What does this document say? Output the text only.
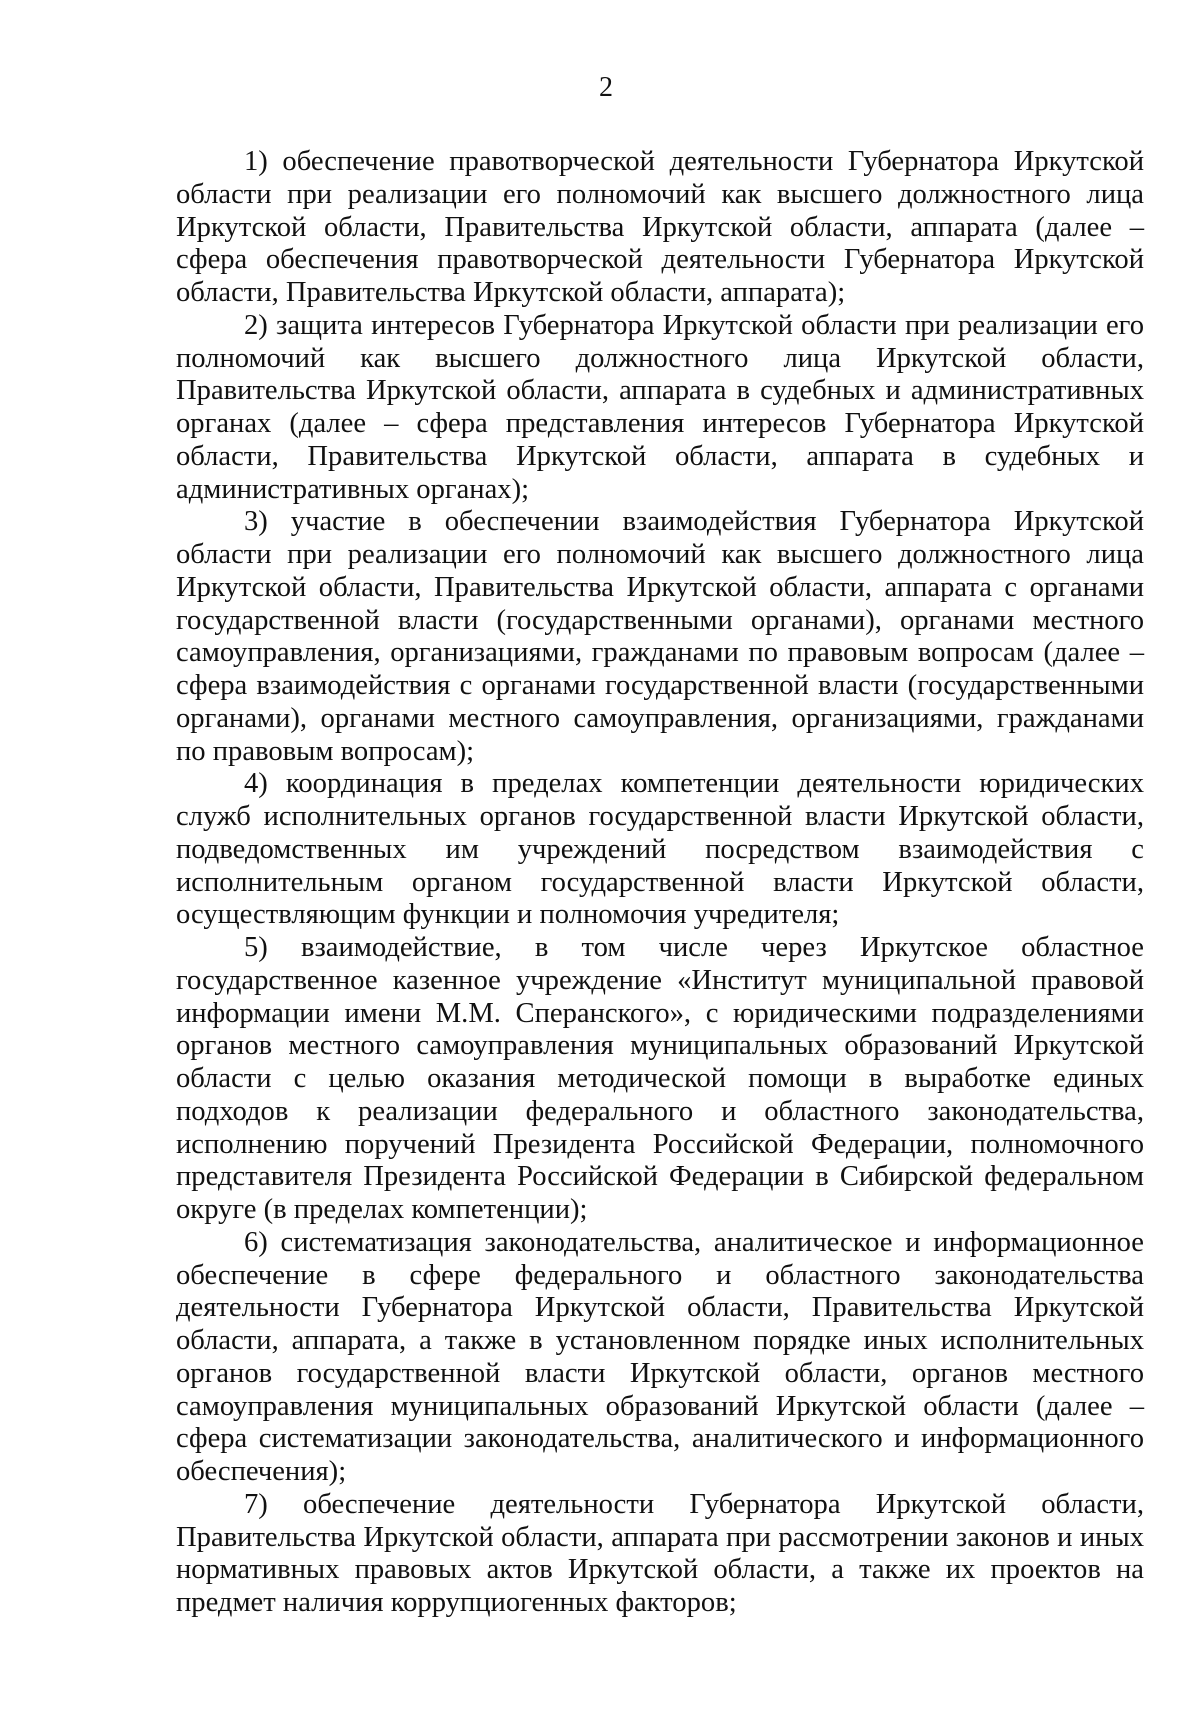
2

1) обеспечение правотворческой деятельности Губернатора Иркутской области при реализации его полномочий как высшего должностного лица Иркутской области, Правительства Иркутской области, аппарата (далее – сфера обеспечения правотворческой деятельности Губернатора Иркутской области, Правительства Иркутской области, аппарата);

2) защита интересов Губернатора Иркутской области при реализации его полномочий как высшего должностного лица Иркутской области, Правительства Иркутской области, аппарата в судебных и административных органах (далее – сфера представления интересов Губернатора Иркутской области, Правительства Иркутской области, аппарата в судебных и административных органах);

3) участие в обеспечении взаимодействия Губернатора Иркутской области при реализации его полномочий как высшего должностного лица Иркутской области, Правительства Иркутской области, аппарата с органами государственной власти (государственными органами), органами местного самоуправления, организациями, гражданами по правовым вопросам (далее – сфера взаимодействия с органами государственной власти (государственными органами), органами местного самоуправления, организациями, гражданами по правовым вопросам);

4) координация в пределах компетенции деятельности юридических служб исполнительных органов государственной власти Иркутской области, подведомственных им учреждений посредством взаимодействия с исполнительным органом государственной власти Иркутской области, осуществляющим функции и полномочия учредителя;

5) взаимодействие, в том числе через Иркутское областное государственное казенное учреждение «Институт муниципальной правовой информации имени М.М. Сперанского», с юридическими подразделениями органов местного самоуправления муниципальных образований Иркутской области с целью оказания методической помощи в выработке единых подходов к реализации федерального и областного законодательства, исполнению поручений Президента Российской Федерации, полномочного представителя Президента Российской Федерации в Сибирской федеральном округе (в пределах компетенции);

6) систематизация законодательства, аналитическое и информационное обеспечение в сфере федерального и областного законодательства деятельности Губернатора Иркутской области, Правительства Иркутской области, аппарата, а также в установленном порядке иных исполнительных органов государственной власти Иркутской области, органов местного самоуправления муниципальных образований Иркутской области (далее – сфера систематизации законодательства, аналитического и информационного обеспечения);

7) обеспечение деятельности Губернатора Иркутской области, Правительства Иркутской области, аппарата при рассмотрении законов и иных нормативных правовых актов Иркутской области, а также их проектов на предмет наличия коррупциогенных факторов;
